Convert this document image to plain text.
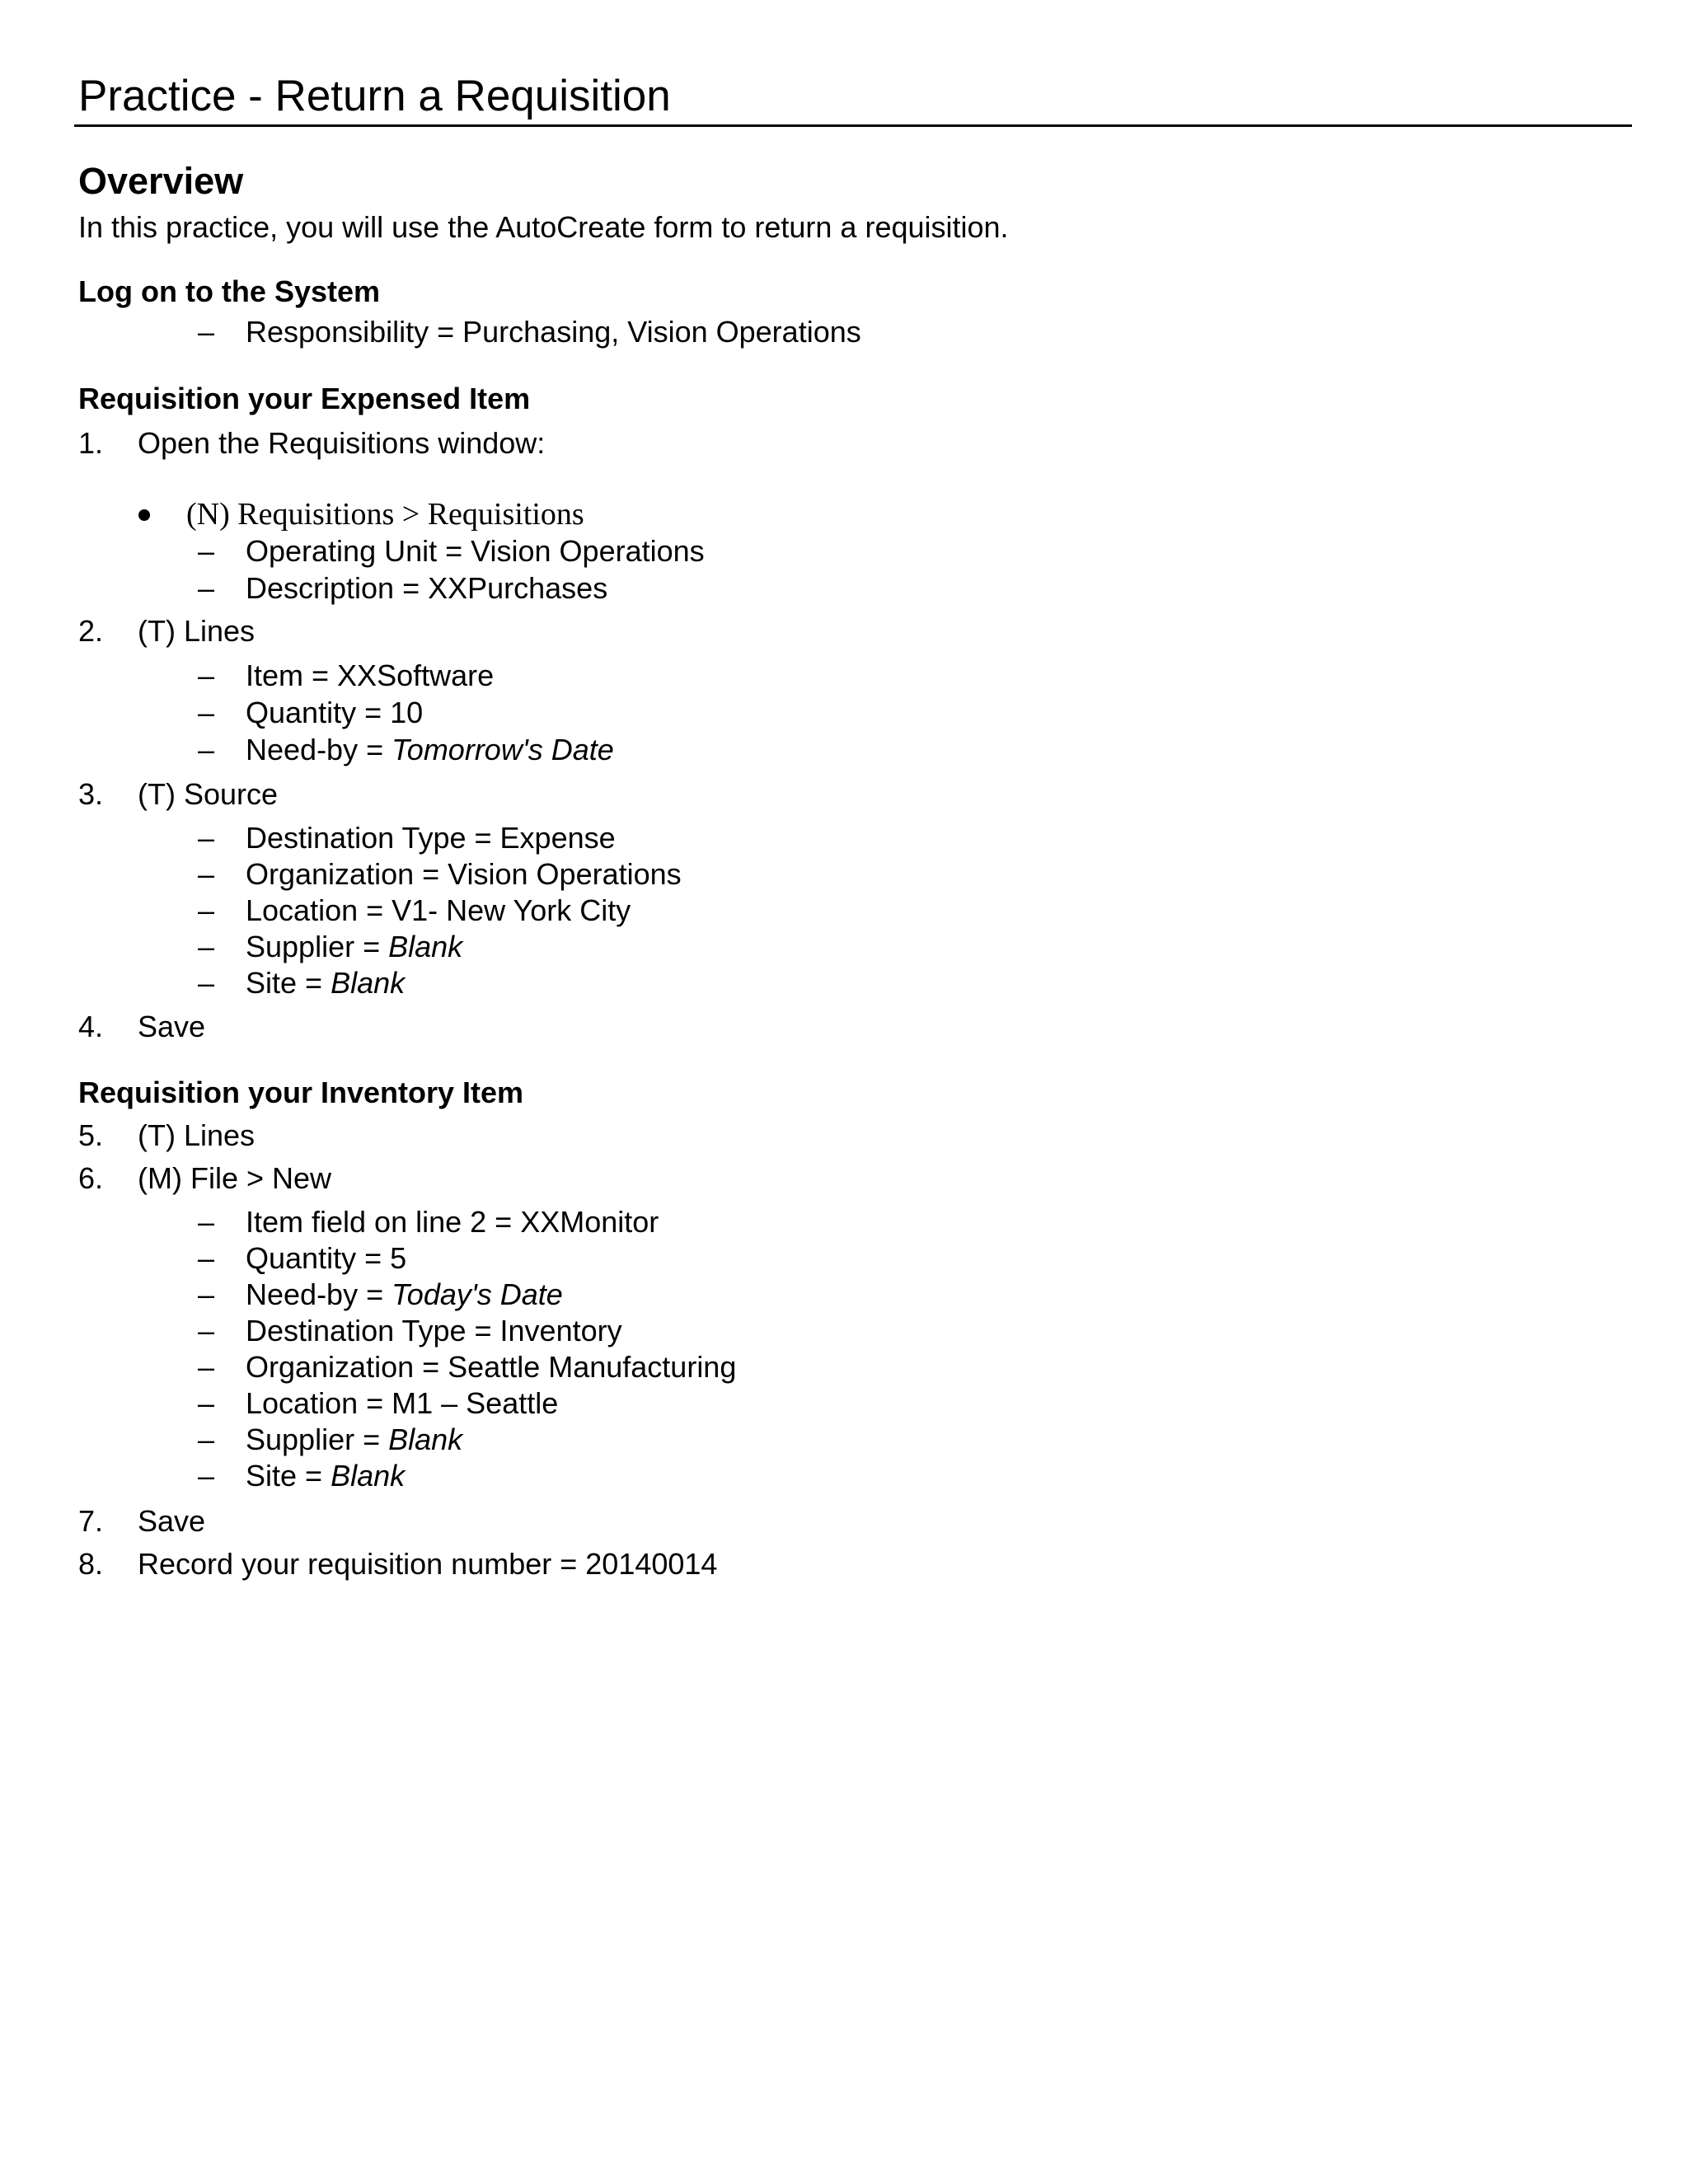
Practice - Return a Requisition
Overview
In this practice, you will use the AutoCreate form to return a requisition.
Log on to the System
– Responsibility = Purchasing, Vision Operations
Requisition your Expensed Item
1. Open the Requisitions window:
(N) Requisitions > Requisitions
– Operating Unit = Vision Operations
– Description = XXPurchases
2. (T) Lines
– Item = XXSoftware
– Quantity = 10
– Need-by = Tomorrow's Date
3. (T) Source
– Destination Type = Expense
– Organization = Vision Operations
– Location = V1- New York City
– Supplier = Blank
– Site = Blank
4. Save
Requisition your Inventory Item
5. (T) Lines
6. (M) File > New
– Item field on line 2 = XXMonitor
– Quantity = 5
– Need-by = Today's Date
– Destination Type = Inventory
– Organization = Seattle Manufacturing
– Location = M1 – Seattle
– Supplier = Blank
– Site = Blank
7. Save
8. Record your requisition number = 20140014
